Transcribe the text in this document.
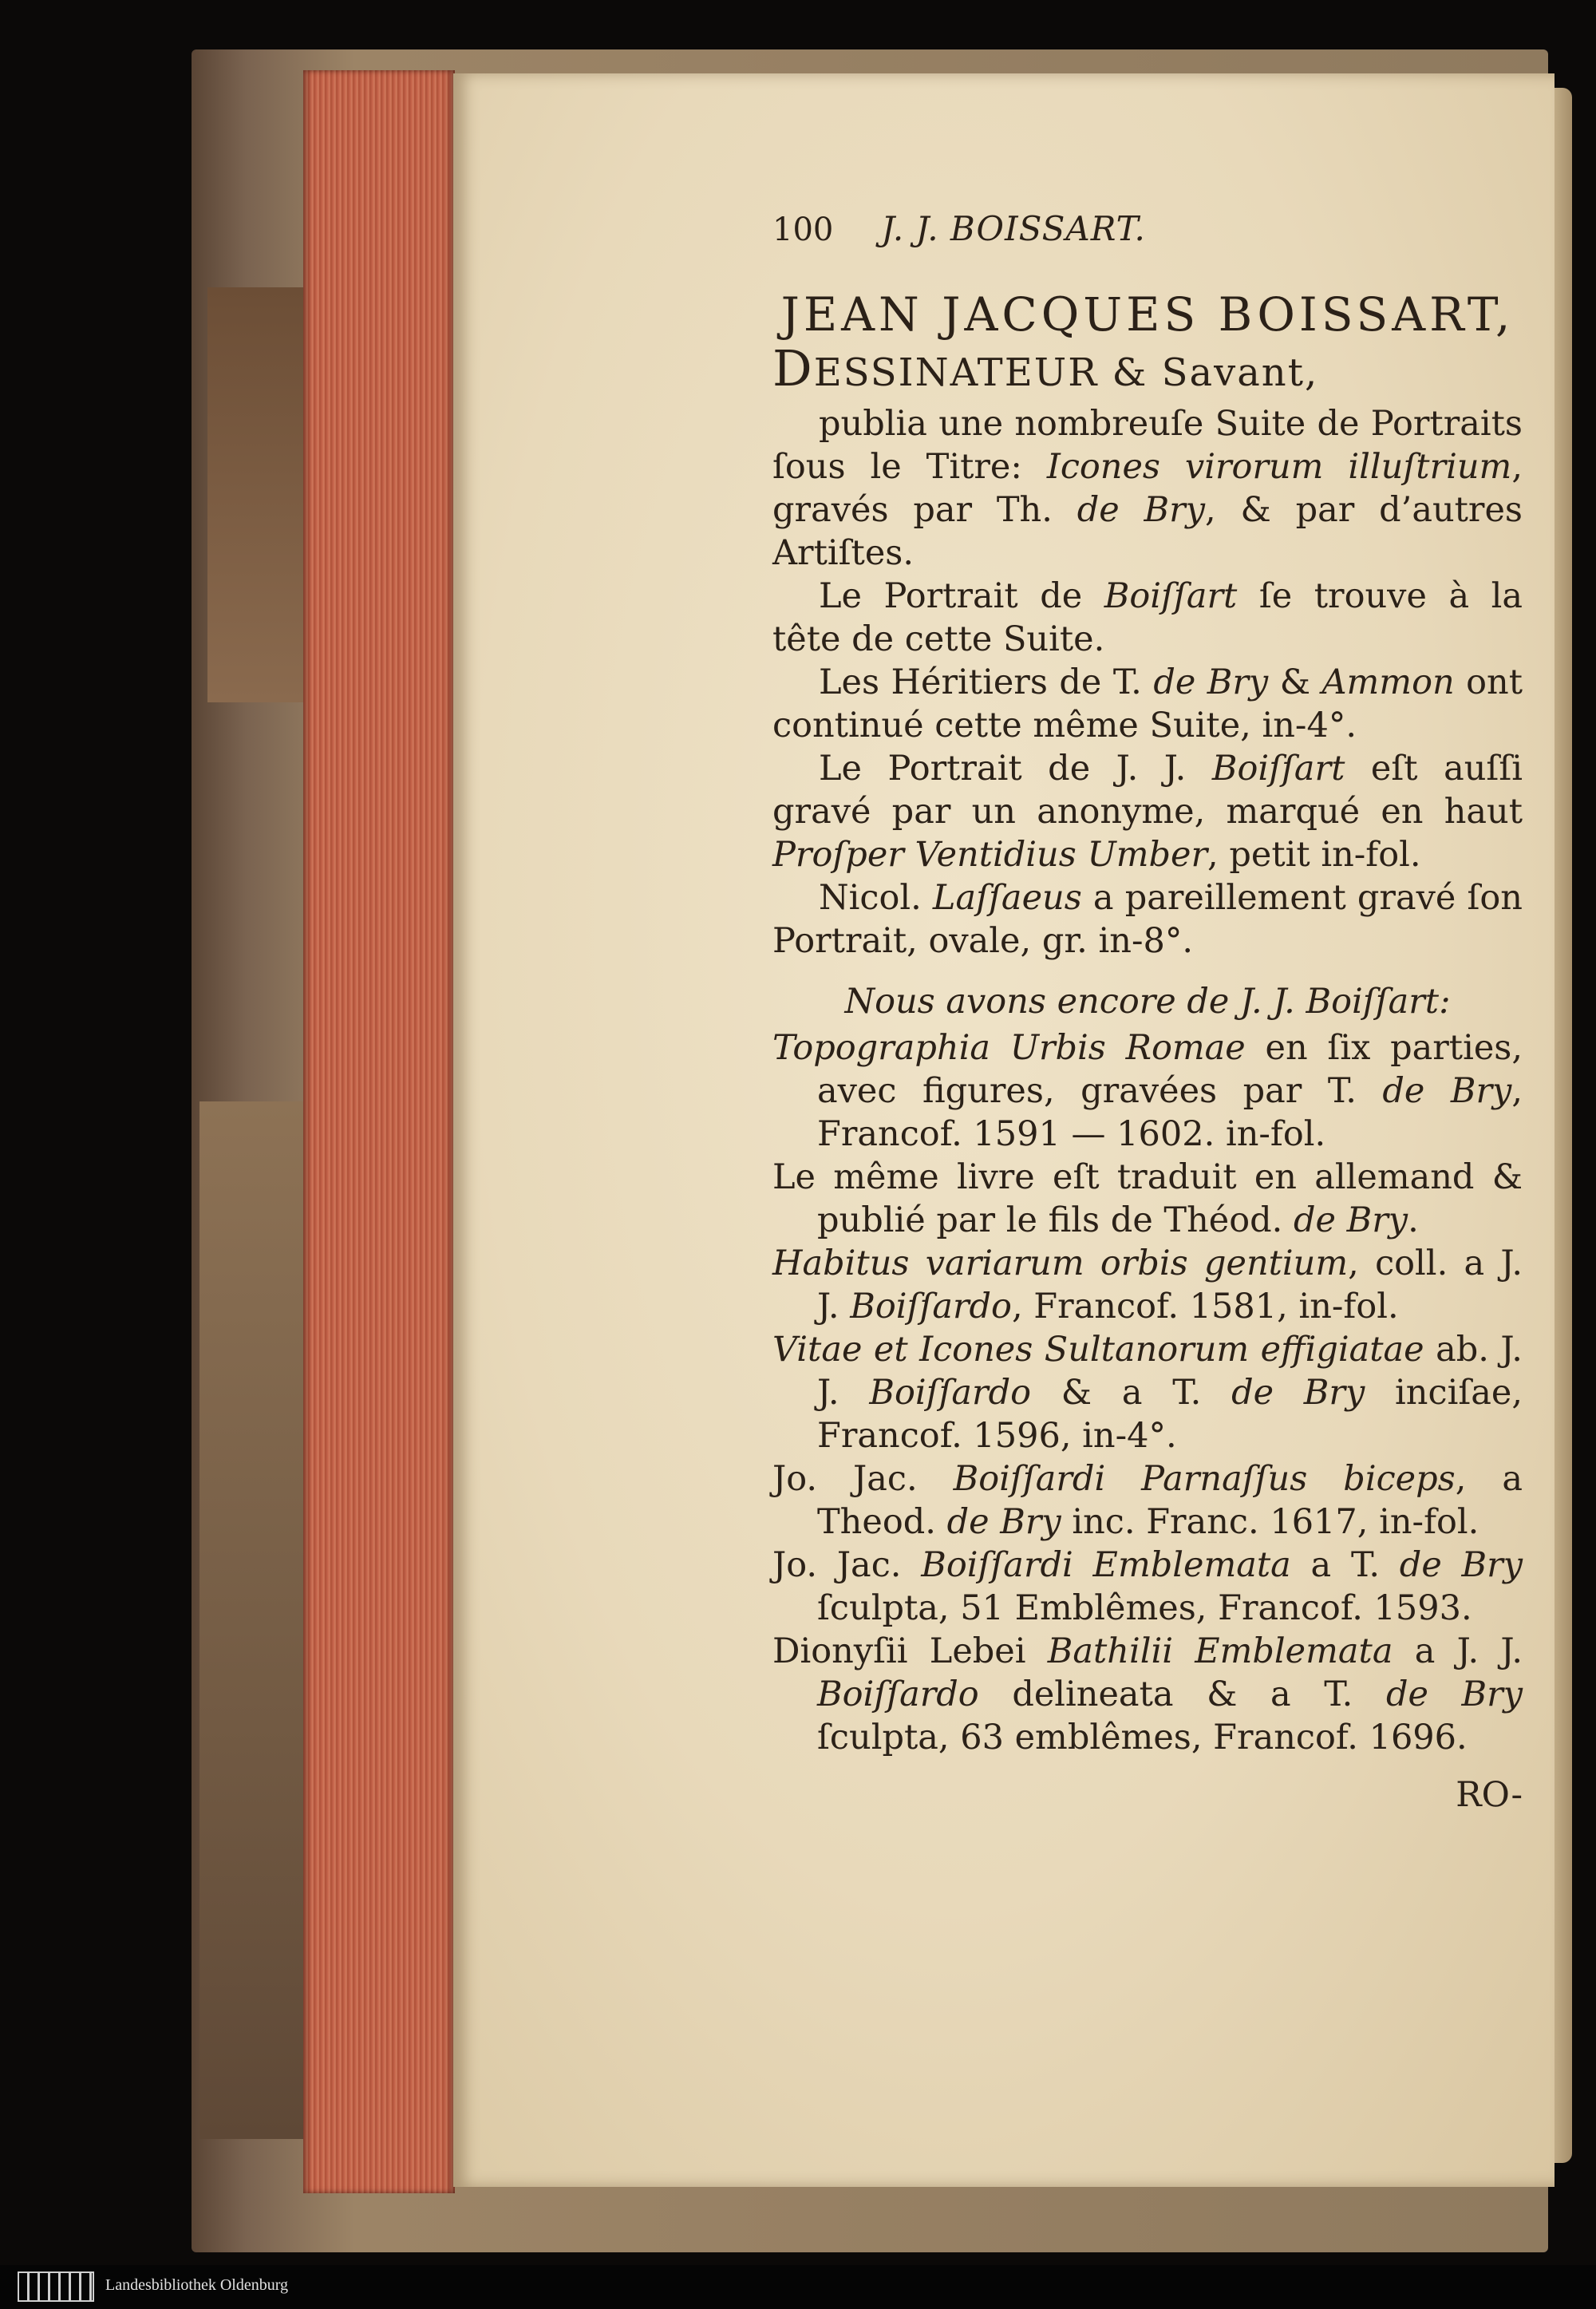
100 J. J. BOISSART.
JEAN JACQUES BOISSART,
DESSINATEUR & Savant,

publia une nombreuſe Suite de Portraits ſous le Titre: Icones virorum illuſtrium, gravés par Th. de Bry, & par d’autres Artiſtes.

Le Portrait de Boiſſart ſe trouve à la tête de cette Suite.

Les Héritiers de T. de Bry & Ammon ont continué cette même Suite, in-4°.

Le Portrait de J. J. Boiſſart eſt auſſi gravé par un anonyme, marqué en haut Proſper Ventidius Umber, petit in-fol.

Nicol. Laſſaeus a pareillement gravé ſon Portrait, ovale, gr. in-8°.

Nous avons encore de J. J. Boiſſart:
Topographia Urbis Romae en ſix parties, avec figures, gravées par T. de Bry, Francof. 1591 — 1602. in-fol.
Le même livre eſt traduit en allemand & publié par le fils de Théod. de Bry.
Habitus variarum orbis gentium, coll. a J. J. Boiſſardo, Francof. 1581, in-fol.
Vitae et Icones Sultanorum effigiatae ab. J. J. Boiſſardo & a T. de Bry inciſae, Francof. 1596, in-4°.
Jo. Jac. Boiſſardi Parnaſſus biceps, a Theod. de Bry inc. Franc. 1617, in-fol.
Jo. Jac. Boiſſardi Emblemata a T. de Bry ſculpta, 51 Emblêmes, Francof. 1593.
Dionyſii Lebei Bathilii Emblemata a J. J. Boiſſardo delineata & a T. de Bry ſculpta, 63 emblêmes, Francof. 1696.
RO-
Landesbibliothek Oldenburg
